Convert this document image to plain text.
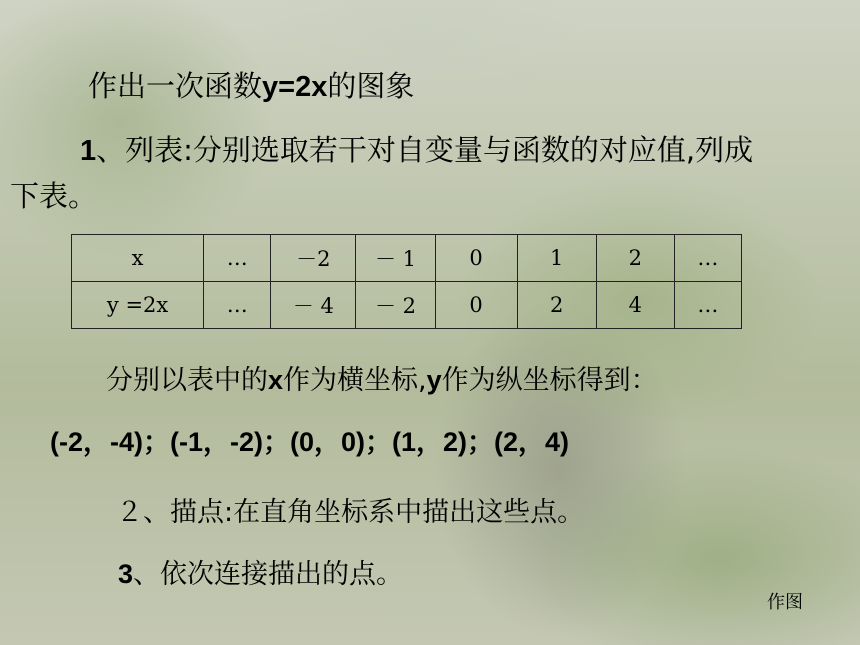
作出一次函数y=2x的图象
1、列表:分别选取若干对自变量与函数的对应值,列成下表。
x	…	－2	－ 1	0	1	2	…
y =2x	…	－ 4	－ 2	0	2	4	…
分别以表中的x作为横坐标,y作为纵坐标得到：
(-2，-4)；(-1，-2)；(0，0)；(1，2)；(2，4)
２、描点:在直角坐标系中描出这些点。
3、依次连接描出的点。
作图
